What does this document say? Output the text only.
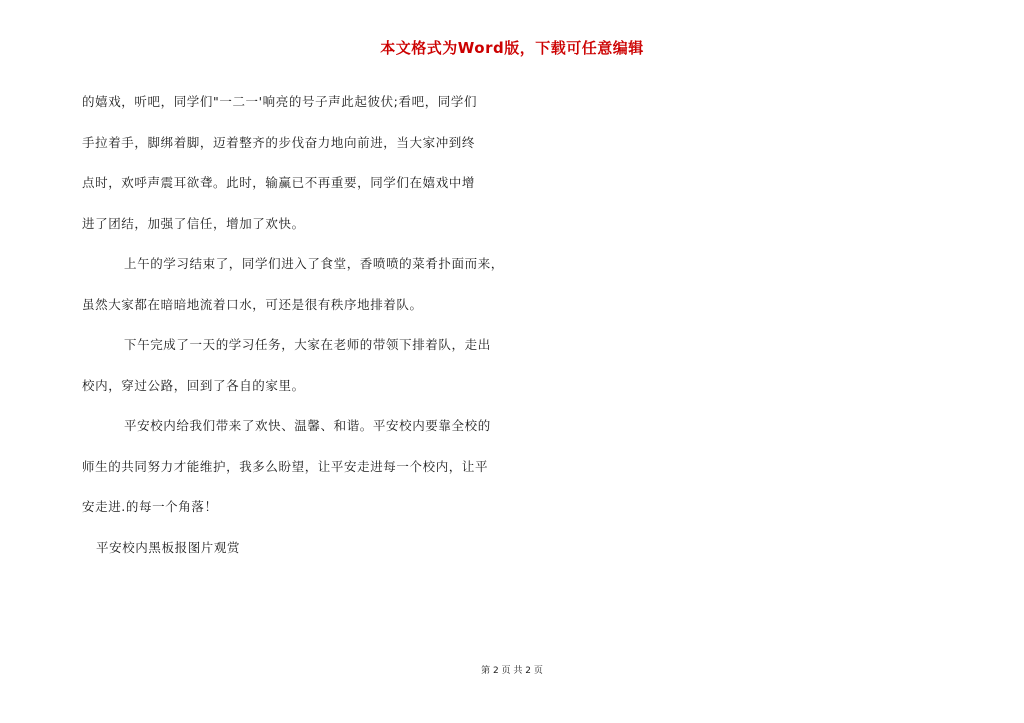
本文格式为Word版，下载可任意编辑
的嬉戏，听吧，同学们"一二一'响亮的号子声此起彼伏;看吧，同学们
手拉着手，脚绑着脚，迈着整齐的步伐奋力地向前进，当大家冲到终
点时，欢呼声震耳欲聋。此时，输赢已不再重要，同学们在嬉戏中增
进了团结，加强了信任，增加了欢快。
上午的学习结束了，同学们进入了食堂，香喷喷的菜肴扑面而来，
虽然大家都在暗暗地流着口水，可还是很有秩序地排着队。
下午完成了一天的学习任务，大家在老师的带领下排着队，走出
校内，穿过公路，回到了各自的家里。
平安校内给我们带来了欢快、温馨、和谐。平安校内要靠全校的
师生的共同努力才能维护，我多么盼望，让平安走进每一个校内，让平
安走进.的每一个角落！
平安校内黑板报图片观赏
第 2 页 共 2 页
